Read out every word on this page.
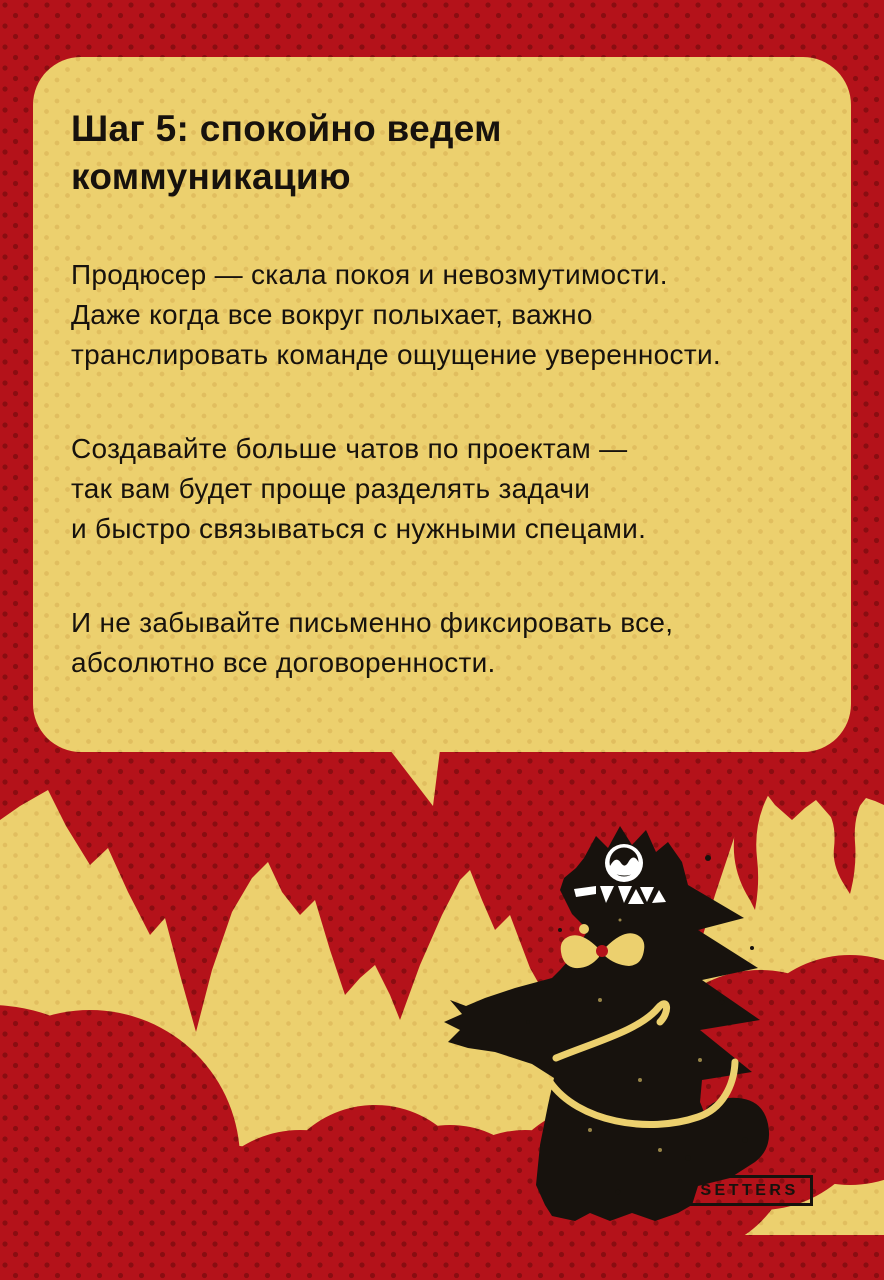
Шаг 5: спокойно ведем
коммуникацию
Продюсер — скала покоя и невозмутимости.
Даже когда все вокруг полыхает, важно
транслировать команде ощущение уверенности.
Создавайте больше чатов по проектам —
так вам будет проще разделять задачи
и быстро связываться с нужными спецами.
И не забывайте письменно фиксировать все,
абсолютно все договоренности.
SETTERS
